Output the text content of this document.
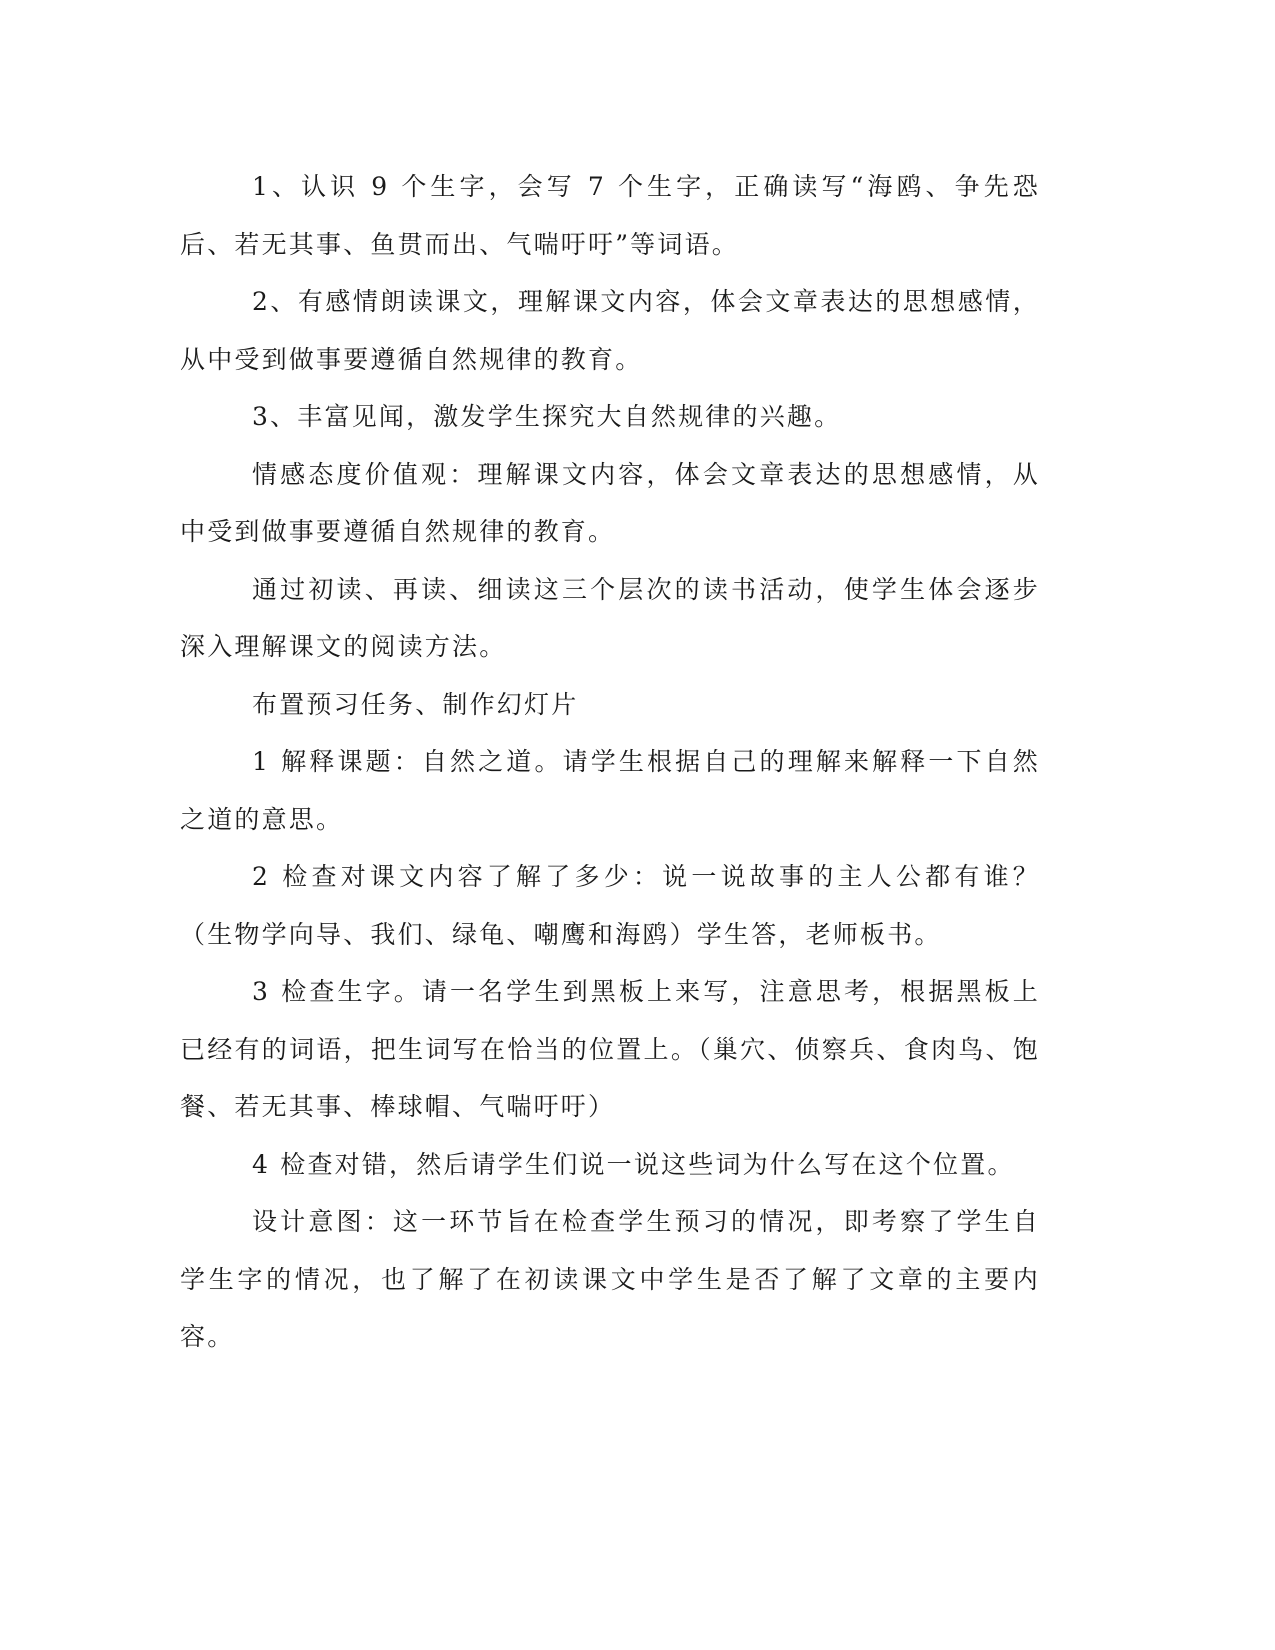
1、认识 9 个生字，会写 7 个生字，正确读写“海鸥、争先恐后、若无其事、鱼贯而出、气喘吁吁”等词语。

2、有感情朗读课文，理解课文内容，体会文章表达的思想感情，从中受到做事要遵循自然规律的教育。

3、丰富见闻，激发学生探究大自然规律的兴趣。

情感态度价值观：理解课文内容，体会文章表达的思想感情，从中受到做事要遵循自然规律的教育。

通过初读、再读、细读这三个层次的读书活动，使学生体会逐步深入理解课文的阅读方法。

布置预习任务、制作幻灯片

1 解释课题：自然之道。请学生根据自己的理解来解释一下自然之道的意思。

2 检查对课文内容了解了多少：说一说故事的主人公都有谁？（生物学向导、我们、绿龟、嘲鹰和海鸥）学生答，老师板书。

3 检查生字。请一名学生到黑板上来写，注意思考，根据黑板上已经有的词语，把生词写在恰当的位置上。（巢穴、侦察兵、食肉鸟、饱餐、若无其事、棒球帽、气喘吁吁）

4 检查对错，然后请学生们说一说这些词为什么写在这个位置。

设计意图：这一环节旨在检查学生预习的情况，即考察了学生自学生字的情况，也了解了在初读课文中学生是否了解了文章的主要内容。
